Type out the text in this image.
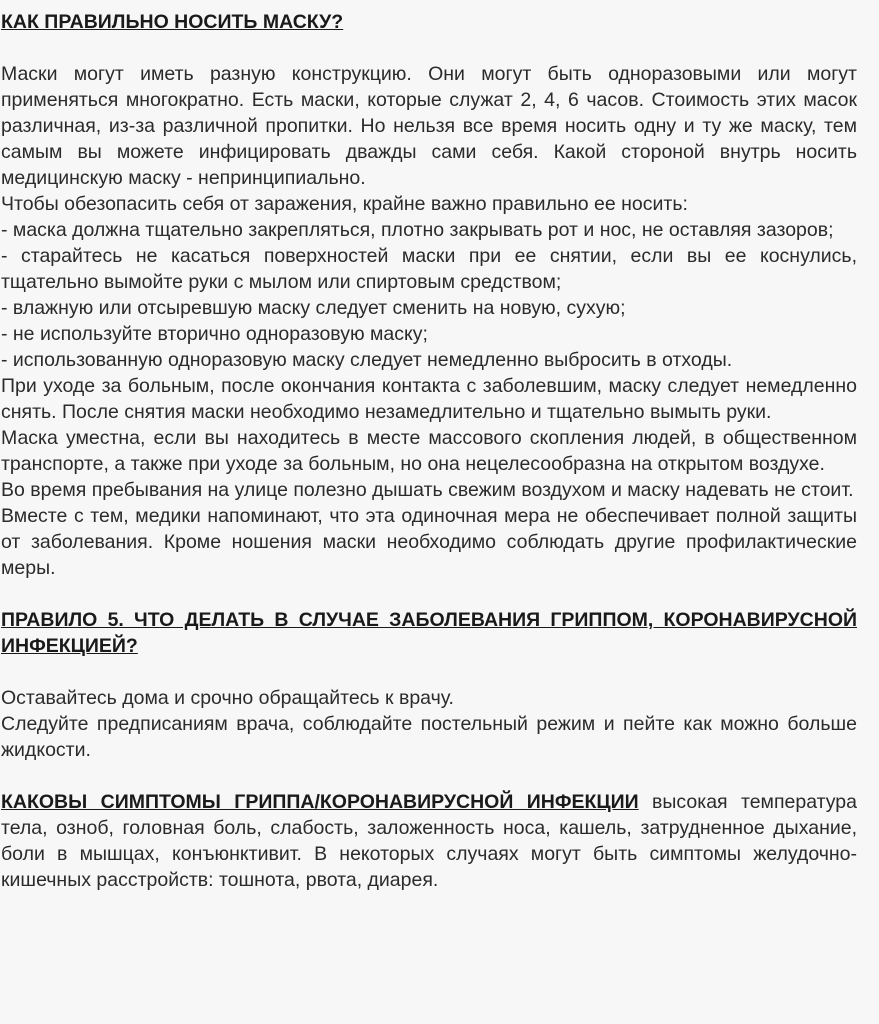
КАК ПРАВИЛЬНО НОСИТЬ МАСКУ?

Маски могут иметь разную конструкцию. Они могут быть одноразовыми или могут применяться многократно. Есть маски, которые служат 2, 4, 6 часов. Стоимость этих масок различная, из-за различной пропитки. Но нельзя все время носить одну и ту же маску, тем самым вы можете инфицировать дважды сами себя. Какой стороной внутрь носить медицинскую маску - непринципиально.

Чтобы обезопасить себя от заражения, крайне важно правильно ее носить:

- маска должна тщательно закрепляться, плотно закрывать рот и нос, не оставляя зазоров;

- старайтесь не касаться поверхностей маски при ее снятии, если вы ее коснулись, тщательно вымойте руки с мылом или спиртовым средством;

- влажную или отсыревшую маску следует сменить на новую, сухую;

- не используйте вторично одноразовую маску;

- использованную одноразовую маску следует немедленно выбросить в отходы.

При уходе за больным, после окончания контакта с заболевшим, маску следует немедленно снять. После снятия маски необходимо незамедлительно и тщательно вымыть руки.

Маска уместна, если вы находитесь в месте массового скопления людей, в общественном транспорте, а также при уходе за больным, но она нецелесообразна на открытом воздухе.

Во время пребывания на улице полезно дышать свежим воздухом и маску надевать не стоит.

Вместе с тем, медики напоминают, что эта одиночная мера не обеспечивает полной защиты от заболевания. Кроме ношения маски необходимо соблюдать другие профилактические меры.

ПРАВИЛО 5. ЧТО ДЕЛАТЬ В СЛУЧАЕ ЗАБОЛЕВАНИЯ ГРИППОМ, КОРОНАВИРУСНОЙ ИНФЕКЦИЕЙ?

Оставайтесь дома и срочно обращайтесь к врачу.

Следуйте предписаниям врача, соблюдайте постельный режим и пейте как можно больше жидкости.

КАКОВЫ СИМПТОМЫ ГРИППА/КОРОНАВИРУСНОЙ ИНФЕКЦИИ высокая температура тела, озноб, головная боль, слабость, заложенность носа, кашель, затрудненное дыхание, боли в мышцах, конъюнктивит. В некоторых случаях могут быть симптомы желудочно-кишечных расстройств: тошнота, рвота, диарея.
